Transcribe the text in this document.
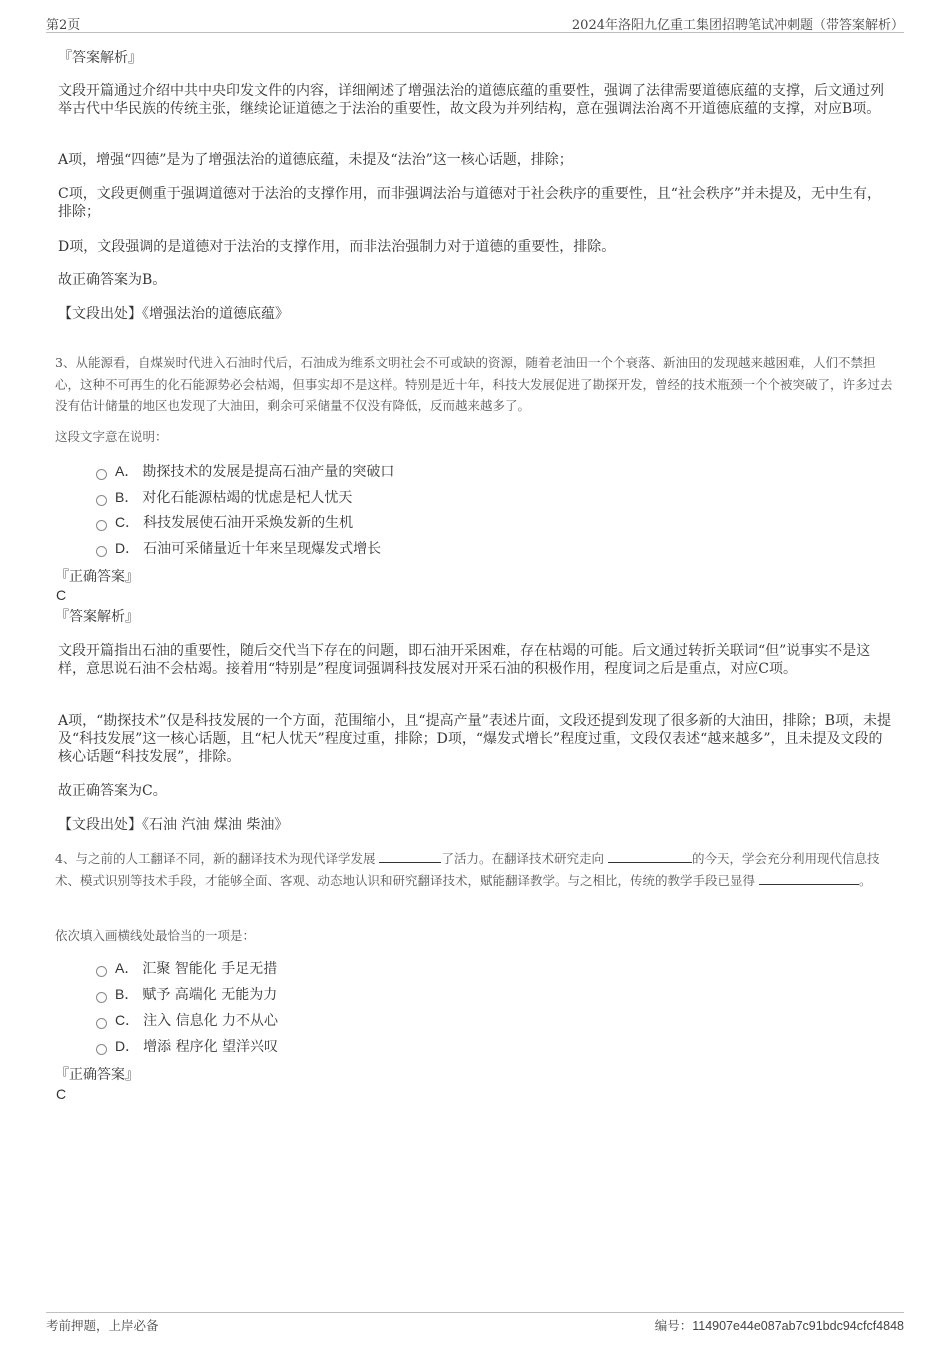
第2页	2024年洛阳九亿重工集团招聘笔试冲刺题（带答案解析）
『答案解析』
文段开篇通过介绍中共中央印发文件的内容，详细阐述了增强法治的道德底蕴的重要性，强调了法律需要道德底蕴的支撑，后文通过列举古代中华民族的传统主张，继续论证道德之于法治的重要性，故文段为并列结构，意在强调法治离不开道德底蕴的支撑，对应B项。
A项，增强“四德”是为了增强法治的道德底蕴，未提及“法治”这一核心话题，排除；
C项，文段更侧重于强调道德对于法治的支撑作用，而非强调法治与道德对于社会秩序的重要性，且“社会秩序”并未提及，无中生有，排除；
D项，文段强调的是道德对于法治的支撑作用，而非法治强制力对于道德的重要性，排除。
故正确答案为B。
【文段出处】《增强法治的道德底蕴》
3、从能源看，自煤炭时代进入石油时代后，石油成为维系文明社会不可或缺的资源，随着老油田一个个衰落、新油田的发现越来越困难，人们不禁担心，这种不可再生的化石能源势必会枯竭，但事实却不是这样。特别是近十年，科技大发展促进了勘探开发，曾经的技术瓶颈一个个被突破了，许多过去没有估计储量的地区也发现了大油田，剩余可采储量不仅没有降低，反而越来越多了。
这段文字意在说明：
A． 勘探技术的发展是提高石油产量的突破口
B． 对化石能源枯竭的忧虑是杞人忧天
C． 科技发展使石油开采焕发新的生机
D． 石油可采储量近十年来呈现爆发式增长
『正确答案』
C
『答案解析』
文段开篇指出石油的重要性，随后交代当下存在的问题，即石油开采困难，存在枯竭的可能。后文通过转折关联词“但”说事实不是这样，意思说石油不会枯竭。接着用“特别是”程度词强调科技发展对开采石油的积极作用，程度词之后是重点，对应C项。
A项，“勘探技术”仅是科技发展的一个方面，范围缩小，且“提高产量”表述片面，文段还提到发现了很多新的大油田，排除；B项，未提及“科技发展”这一核心话题，且“杞人忧天”程度过重，排除；D项，“爆发式增长”程度过重，文段仅表述“越来越多”，且未提及文段的核心话题“科技发展”，排除。
故正确答案为C。
【文段出处】《石油 汽油 煤油 柴油》
4、与之前的人工翻译不同，新的翻译技术为现代译学发展	了活力。在翻译技术研究走向	的今天，学会充分利用现代信息技术、模式识别等技术手段，才能够全面、客观、动态地认识和研究翻译技术，赋能翻译教学。与之相比，传统的教学手段已显得	。
依次填入画横线处最恰当的一项是：
A． 汇聚 智能化 手足无措
B． 赋予 高端化 无能为力
C． 注入 信息化 力不从心
D． 增添 程序化 望洋兴叹
『正确答案』
C
考前押题，上岸必备	编号：114907e44e087ab7c91bdc94cfcf4848
